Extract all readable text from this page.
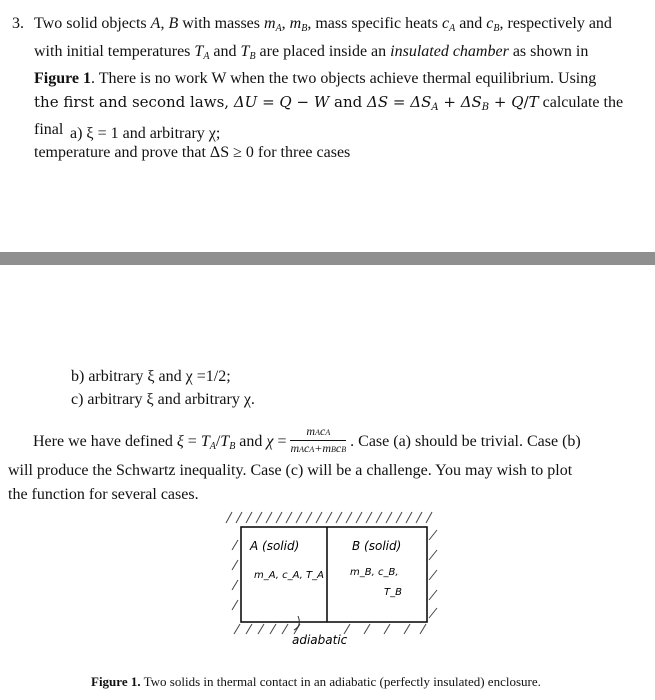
3. Two solid objects A, B with masses $m_A$, $m_B$, mass specific heats $c_A$ and $c_B$, respectively and
with initial temperatures $T_A$ and $T_B$ are placed inside an insulated chamber as shown in
Figure 1. There is no work W when the two objects achieve thermal equilibrium. Using
the first and second laws, ΔU = Q − W and $\Delta S = \Delta S_A + \Delta S_B + Q/T$ calculate the final
temperature and prove that ΔS ≥ 0 for three cases
a) ξ = 1 and arbitrary χ;
b) arbitrary ξ and χ =1/2;
c) arbitrary ξ and arbitrary χ.
Here we have defined $\xi = T_A/T_B$ and $\chi = \frac{\text{mAcA}}{\text{mAcA+mBcB}}$ . Case (a) should be trivial. Case (b)
will produce the Schwartz inequality. Case (c) will be a challenge. You may wish to plot
the function for several cases.
A (solid)
m_A, c_A, T_A
B (solid)
m_B, c_B,
T_B
adiabatic
Figure 1. Two solids in thermal contact in an adiabatic (perfectly insulated) enclosure.
